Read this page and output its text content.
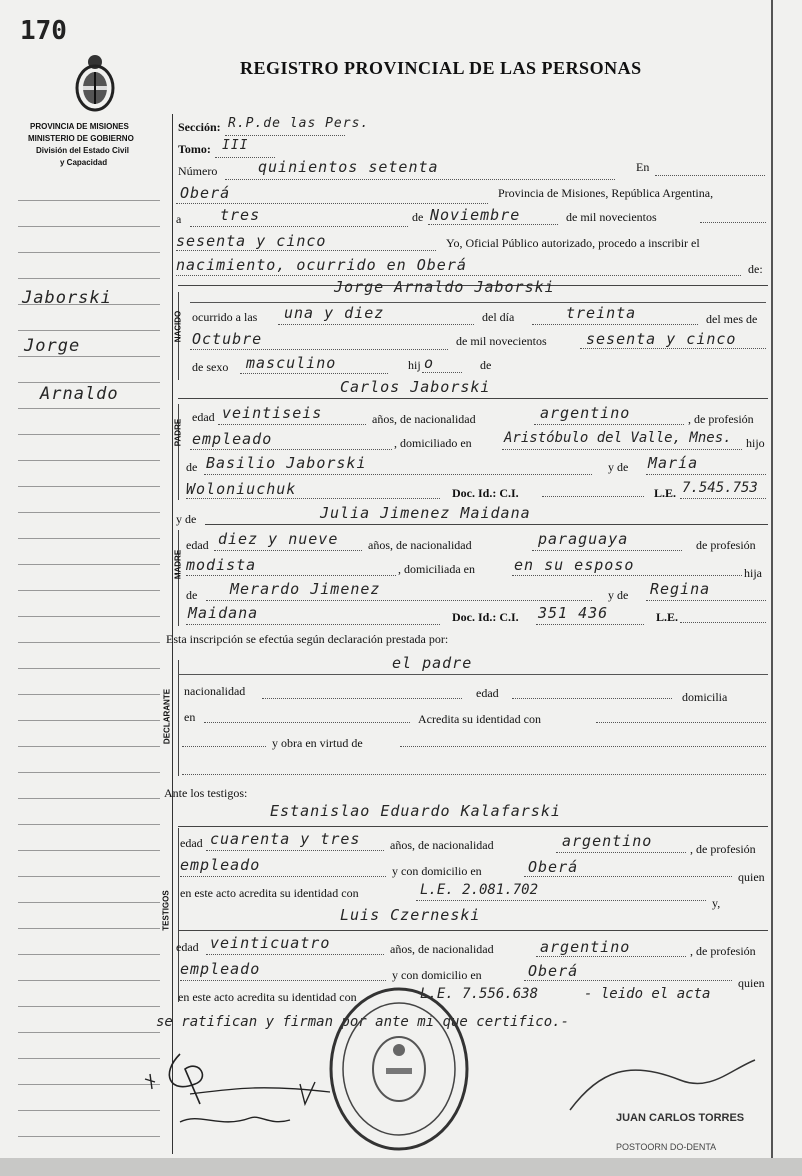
170
PROVINCIA DE MISIONES
MINISTERIO DE GOBIERNO
División del Estado Civil
y Capacidad
REGISTRO PROVINCIAL DE LAS PERSONAS
Jaborski
Jorge
Arnaldo
Sección: R.P.de las Pers.
Tomo: III
Número	quinientos setenta	En
Oberá	Provincia de Misiones, República Argentina,
a	tres	de Noviembre	de mil novecientos
sesenta y cinco	Yo, Oficial Público autorizado, procedo a inscribir el
nacimiento, ocurrido en Oberá	de:
NACIDO
Jorge Arnaldo Jaborski
ocurrido a las una y diez	del día	treinta	del mes de
Octubre	de mil novecientos	sesenta y cinco
de sexo masculino	hij o	de
PADRE
Carlos Jaborski
edad veintiseis	años, de nacionalidad	argentino	, de profesión
empleado	, domiciliado en Aristóbulo del Valle, Mnes. hijo
de Basilio Jaborski	y de María
Woloniuchuk	Doc. Id.: C.I.	L.E. 7.545.753
y de	Julia Jimenez Maidana
MADRE
edad diez y nueve años, de nacionalidad	paraguaya	de profesión
modista	, domiciliada en	en su esposo	hija
de Merardo Jimenez	y de Regina
Maidana	Doc. Id.: C.I. 351 436	L.E.
Esta inscripción se efectúa según declaración prestada por:
DECLARANTE
el padre
nacionalidad	edad	domicilia
en	Acredita su identidad con
y obra en virtud de
Ante los testigos:
TESTIGOS
Estanislao Eduardo Kalafarski
edad cuarenta y tres años, de nacionalidad	argentino	, de profesión
empleado	y con domicilio en	Oberá
quien
en este acto acredita su identidad con	L.E. 2.081.702
y,
Luis Czerneski
edad veinticuatro	años, de nacionalidad	argentino	, de profesión
empleado	y con domicilio en	Oberá
quien
en este acto acredita su identidad con	L.E. 7.556.638	- leido el acta
se ratifican y firman por ante mi que certifico.-
JUAN CARLOS TORRES
POSTOORN DO-DENTA
